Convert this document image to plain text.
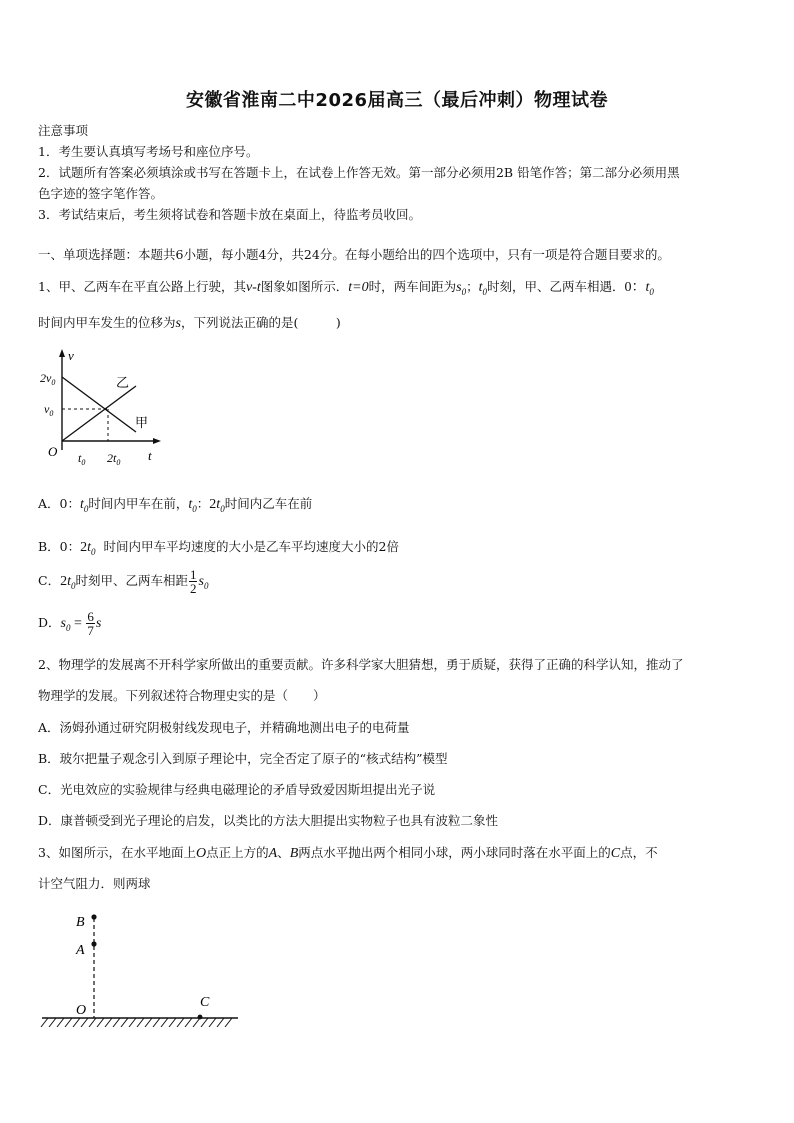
安徽省淮南二中2026届高三（最后冲刺）物理试卷
注意事项
1．考生要认真填写考场号和座位序号。
2．试题所有答案必须填涂或书写在答题卡上，在试卷上作答无效。第一部分必须用2B 铅笔作答；第二部分必须用黑
色字迹的签字笔作答。
3．考试结束后，考生须将试卷和答题卡放在桌面上，待监考员收回。
一、单项选择题：本题共6小题，每小题4分，共24分。在每小题给出的四个选项中，只有一项是符合题目要求的。
1、甲、乙两车在平直公路上行驶，其v-t图象如图所示．t=0时，两车间距为$s_0$；$t_0$时刻，甲、乙两车相遇．0：$t_0$
时间内甲车发生的位移为s，下列说法正确的是(　　　)
v
t
O
$2v_0$
$v_0$
$t_0$ $2t_0$
乙
甲
A．0：$t_0$时间内甲车在前，$t_0$：$2t_0$时间内乙车在前
B．0：$2t_0$ 时间内甲车平均速度的大小是乙车平均速度大小的2倍
C．$2t_0$时刻甲、乙两车相距 $\frac{1}{2} s_0$
D．$s_0 = \frac{6}{7}$ s
2、物理学的发展离不开科学家所做出的重要贡献。许多科学家大胆猜想，勇于质疑，获得了正确的科学认知，推动了
物理学的发展。下列叙述符合物理史实的是（　　）
A．汤姆孙通过研究阴极射线发现电子，并精确地测出电子的电荷量
B．玻尔把量子观念引入到原子理论中，完全否定了原子的“核式结构”模型
C．光电效应的实验规律与经典电磁理论的矛盾导致爱因斯坦提出光子说
D．康普顿受到光子理论的启发，以类比的方法大胆提出实物粒子也具有波粒二象性
3、如图所示，在水平地面上O点正上方的A、B两点水平抛出两个相同小球，两小球同时落在水平面上的C点，不
计空气阻力．则两球
B
A
O
C
